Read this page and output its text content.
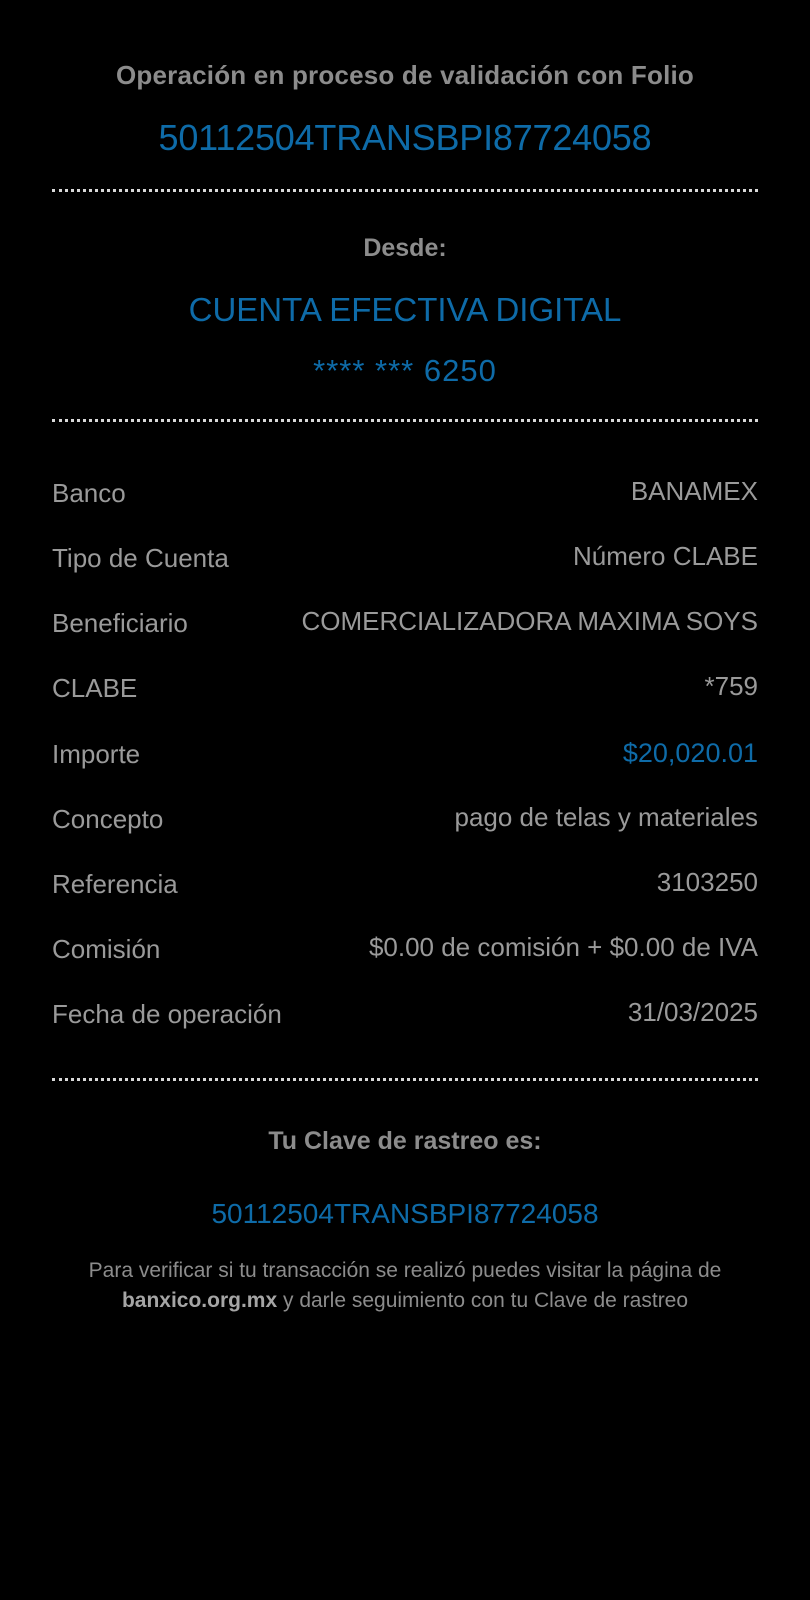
Operación en proceso de validación con Folio
50112504TRANSBPI87724058
Desde:
CUENTA EFECTIVA DIGITAL
**** *** 6250
Banco	BANAMEX
Tipo de Cuenta	Número CLABE
Beneficiario	COMERCIALIZADORA MAXIMA SOYS
CLABE	*759
Importe	$20,020.01
Concepto	pago de telas y materiales
Referencia	3103250
Comisión	$0.00 de comisión + $0.00 de IVA
Fecha de operación	31/03/2025
Tu Clave de rastreo es:
50112504TRANSBPI87724058
Para verificar si tu transacción se realizó puedes visitar la página de banxico.org.mx y darle seguimiento con tu Clave de rastreo
